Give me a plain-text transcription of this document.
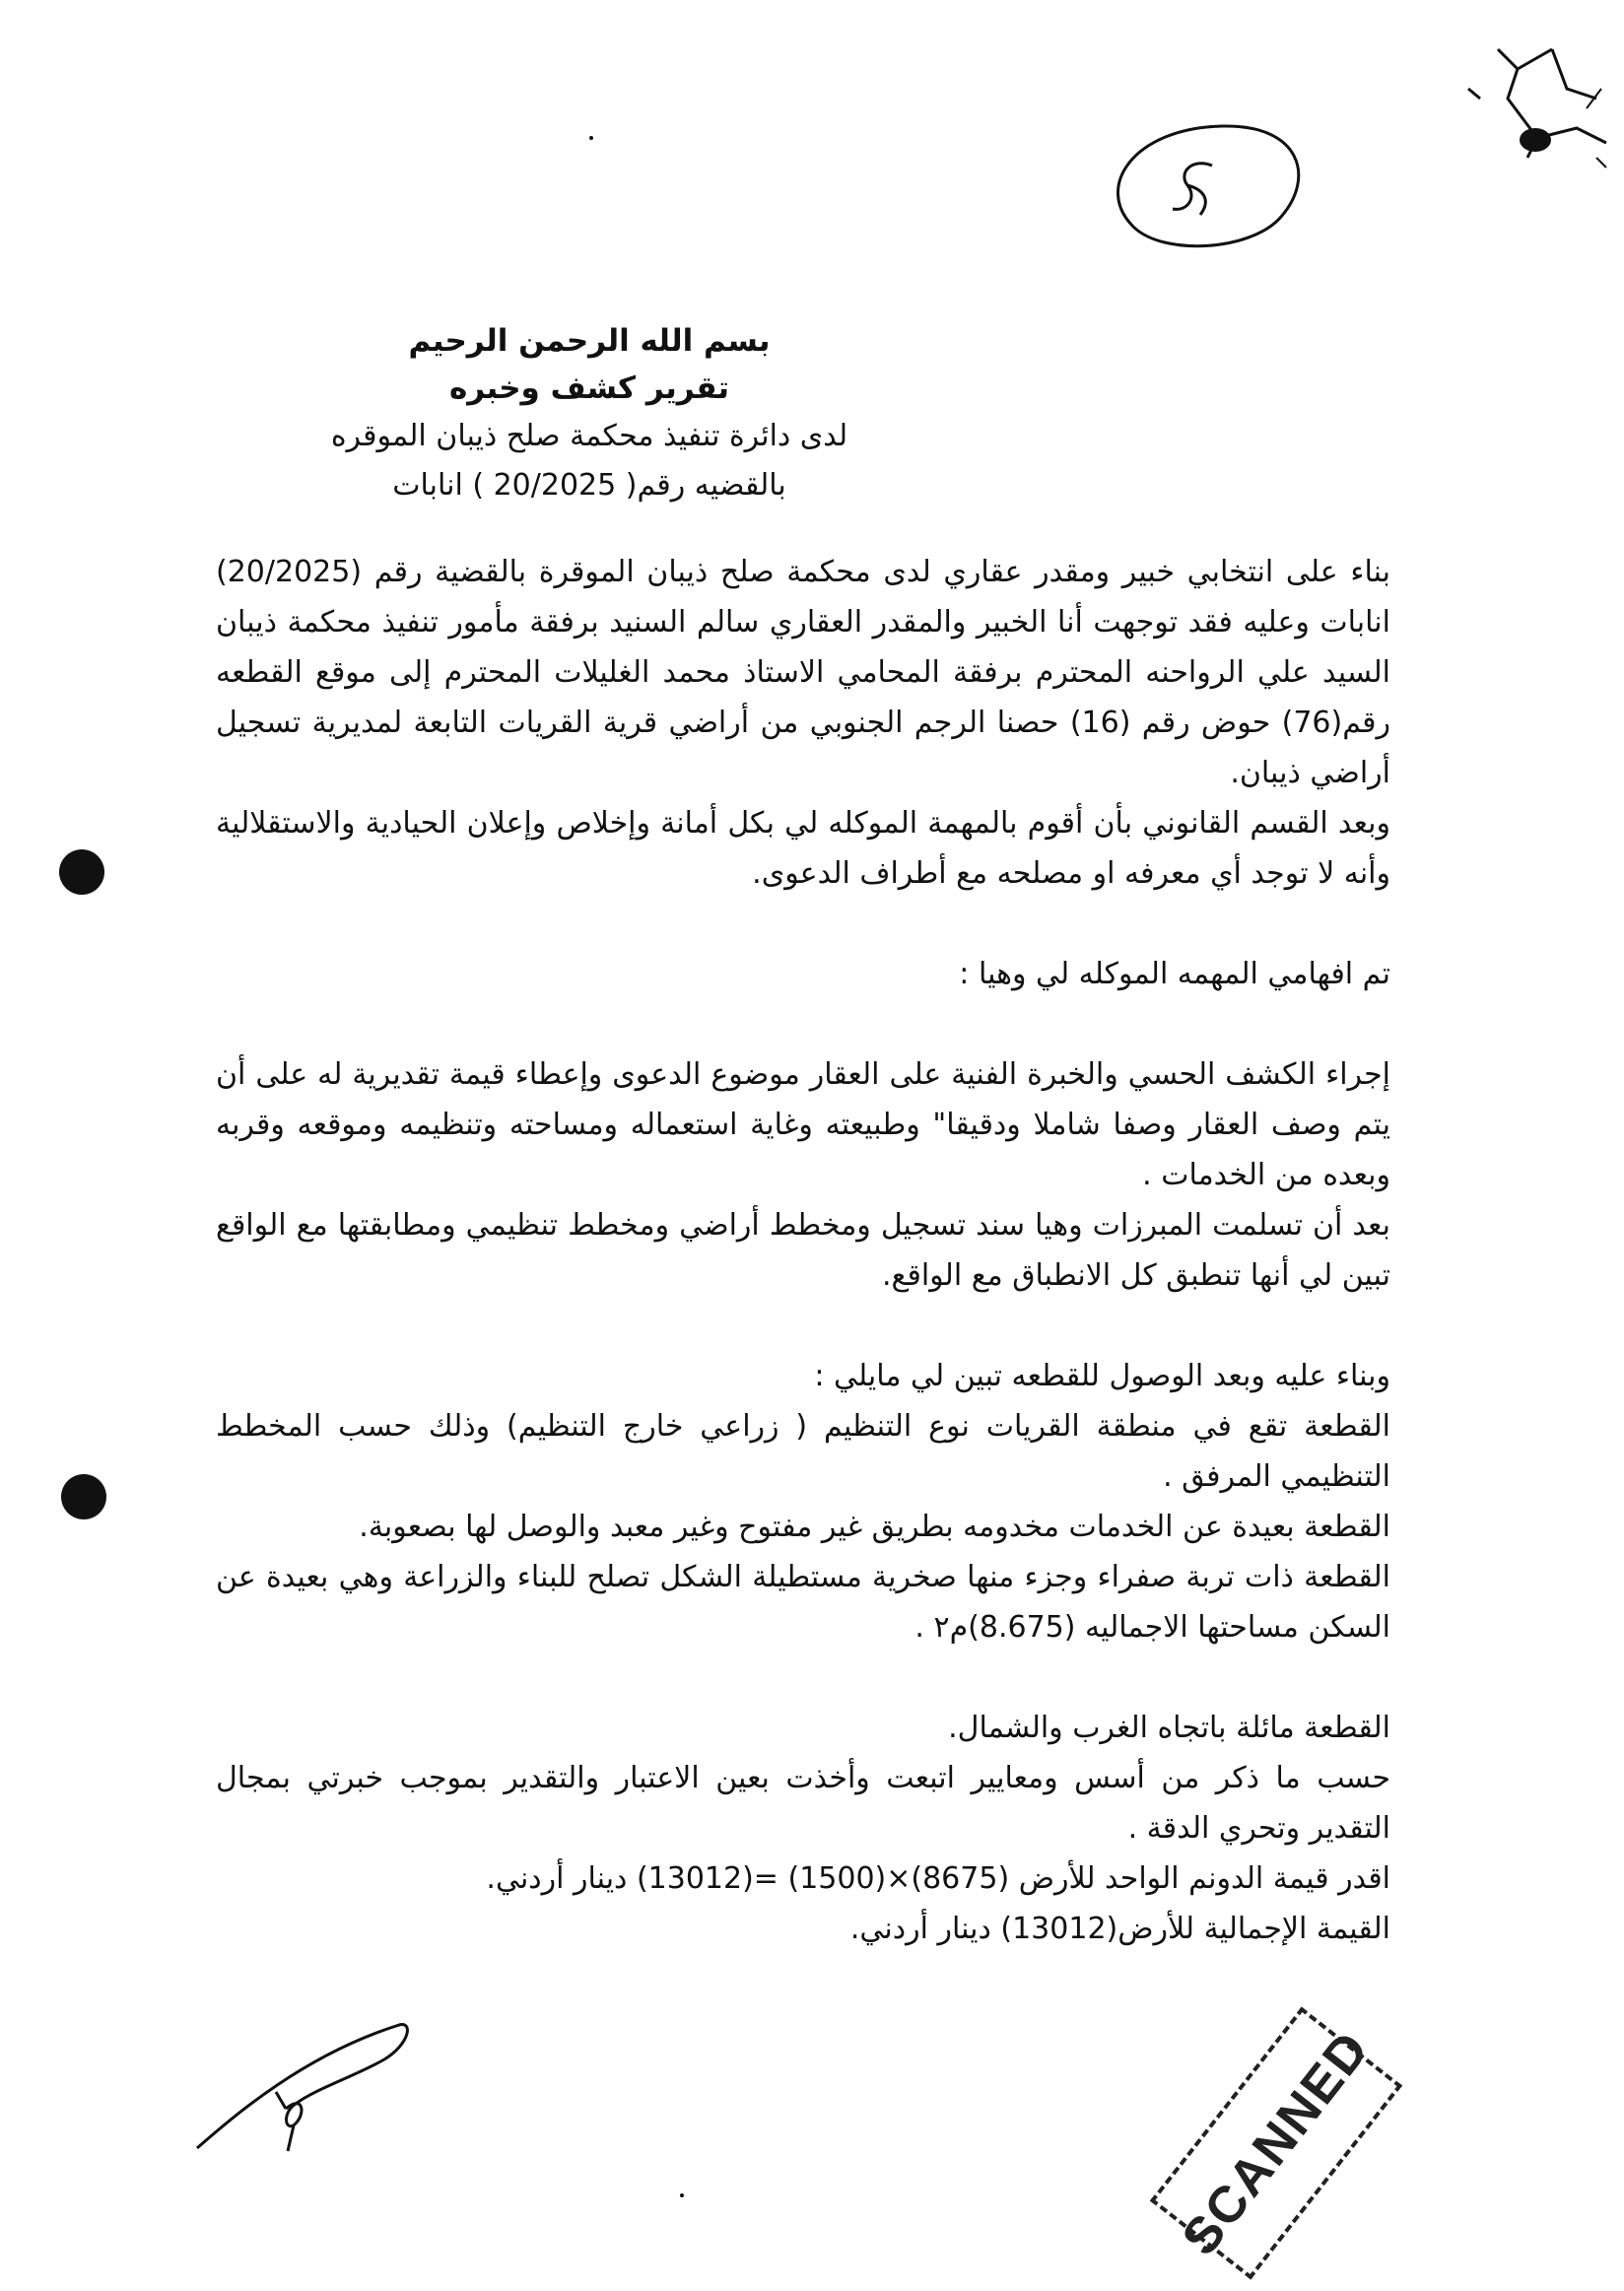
بسم الله الرحمن الرحيم
تقرير كشف وخبره
لدى دائرة تنفيذ محكمة صلح ذيبان الموقره
بالقضيه رقم( 20/2025 ) انابات

بناء على انتخابي خبير ومقدر عقاري لدى محكمة صلح ذيبان الموقرة بالقضية رقم (20/2025) انابات وعليه فقد توجهت أنا الخبير والمقدر العقاري سالم السنيد برفقة مأمور تنفيذ محكمة ذيبان السيد علي الرواحنه المحترم برفقة المحامي الاستاذ محمد الغليلات المحترم إلى موقع القطعه رقم(76) حوض رقم (16) حصنا الرجم الجنوبي من أراضي قرية القريات التابعة لمديرية تسجيل أراضي ذيبان.

وبعد القسم القانوني بأن أقوم بالمهمة الموكله لي بكل أمانة وإخلاص وإعلان الحيادية والاستقلالية وأنه لا توجد أي معرفه او مصلحه مع أطراف الدعوى.

تم افهامي المهمه الموكله لي وهيا :

إجراء الكشف الحسي والخبرة الفنية على العقار موضوع الدعوى وإعطاء قيمة تقديرية له على أن يتم وصف العقار وصفا شاملا ودقيقا" وطبيعته وغاية استعماله ومساحته وتنظيمه وموقعه وقربه وبعده من الخدمات .

بعد أن تسلمت المبرزات وهيا سند تسجيل ومخطط أراضي ومخطط تنظيمي ومطابقتها مع الواقع تبين لي أنها تنطبق كل الانطباق مع الواقع.

وبناء عليه وبعد الوصول للقطعه تبين لي مايلي :

القطعة تقع في منطقة القريات نوع التنظيم ( زراعي خارج التنظيم) وذلك حسب المخطط التنظيمي المرفق .

القطعة بعيدة عن الخدمات مخدومه بطريق غير مفتوح وغير معبد والوصل لها بصعوبة.

القطعة ذات تربة صفراء وجزء منها صخرية مستطيلة الشكل تصلح للبناء والزراعة وهي بعيدة عن السكن مساحتها الاجماليه (8.675)م٢ .

القطعة مائلة باتجاه الغرب والشمال.

حسب ما ذكر من أسس ومعايير اتبعت وأخذت بعين الاعتبار والتقدير بموجب خبرتي بمجال التقدير وتحري الدقة .

اقدر قيمة الدونم الواحد للأرض (8675)×(1500) =(13012) دينار أردني.

القيمة الإجمالية للأرض(13012) دينار أردني.

SCANNED
